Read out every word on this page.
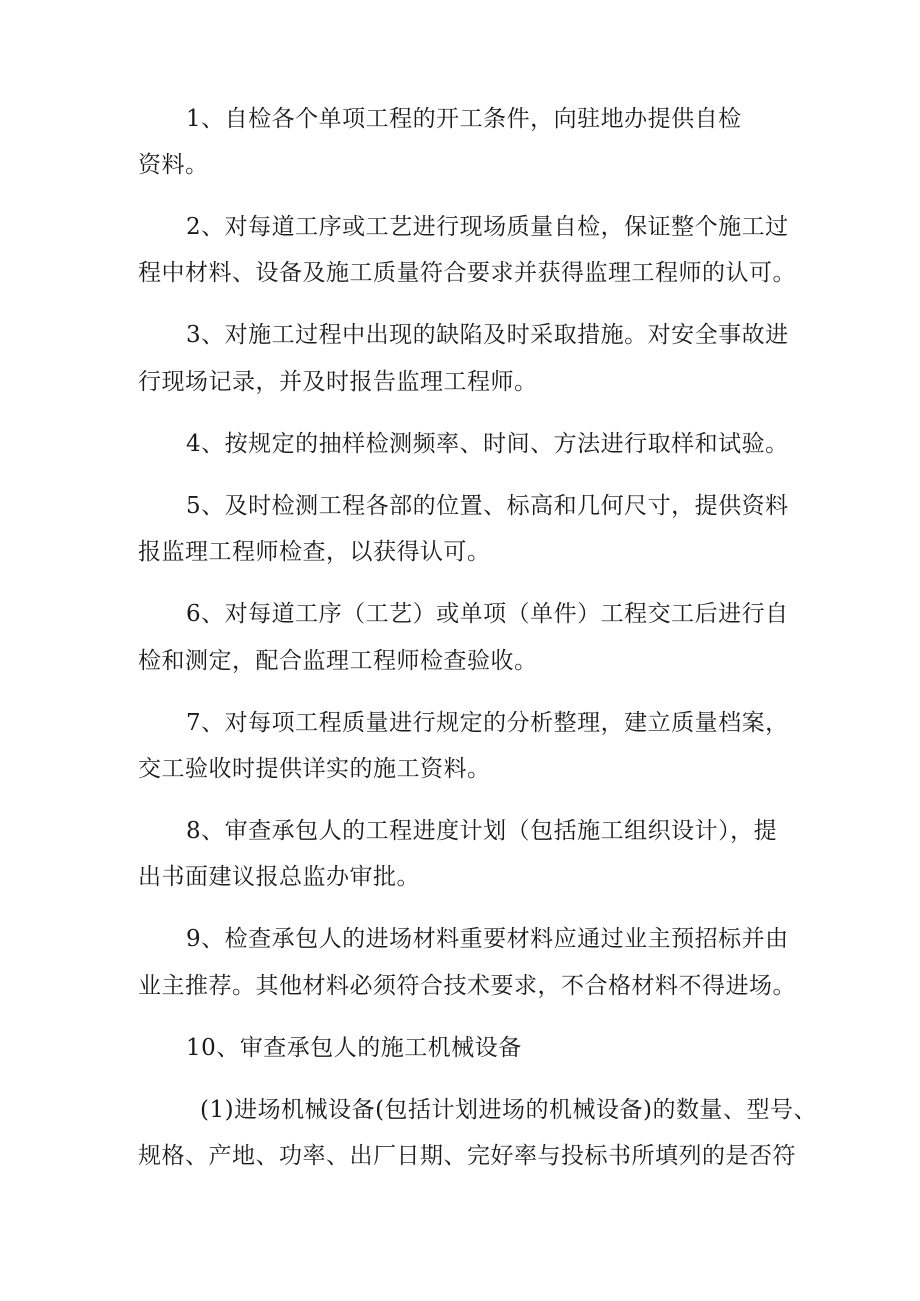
1、自检各个单项工程的开工条件，向驻地办提供自检
资料。
2、对每道工序或工艺进行现场质量自检，保证整个施工过
程中材料、设备及施工质量符合要求并获得监理工程师的认可。
3、对施工过程中出现的缺陷及时采取措施。对安全事故进
行现场记录，并及时报告监理工程师。
4、按规定的抽样检测频率、时间、方法进行取样和试验。
5、及时检测工程各部的位置、标高和几何尺寸，提供资料
报监理工程师检查，以获得认可。
6、对每道工序（工艺）或单项（单件）工程交工后进行自
检和测定，配合监理工程师检查验收。
7、对每项工程质量进行规定的分析整理，建立质量档案，
交工验收时提供详实的施工资料。
8、审查承包人的工程进度计划（包括施工组织设计），提
出书面建议报总监办审批。
9、检查承包人的进场材料重要材料应通过业主预招标并由
业主推荐。其他材料必须符合技术要求，不合格材料不得进场。
10、审查承包人的施工机械设备
(1)进场机械设备(包括计划进场的机械设备)的数量、型号、
规格、产地、功率、出厂日期、完好率与投标书所填列的是否符
